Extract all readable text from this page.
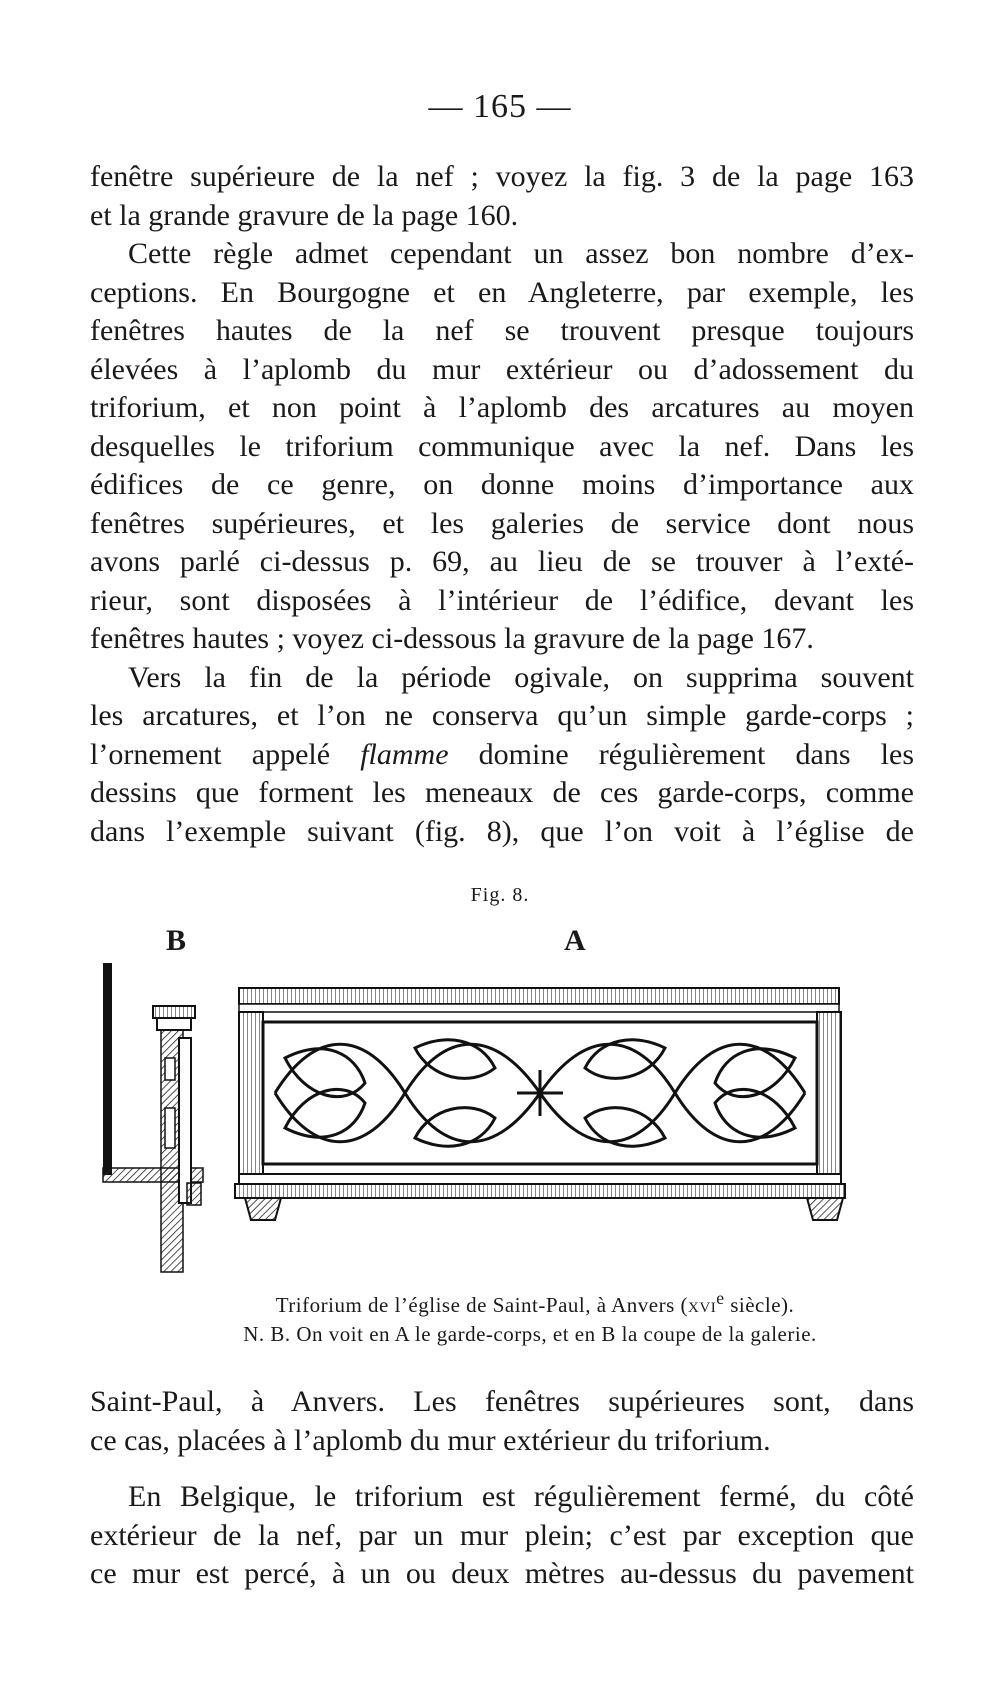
— 165 —
fenêtre supérieure de la nef ; voyez la fig. 3 de la page 163
et la grande gravure de la page 160.
Cette règle admet cependant un assez bon nombre d’ex-
ceptions. En Bourgogne et en Angleterre, par exemple, les
fenêtres hautes de la nef se trouvent presque toujours
élevées à l’aplomb du mur extérieur ou d’adossement du
triforium, et non point à l’aplomb des arcatures au moyen
desquelles le triforium communique avec la nef. Dans les
édifices de ce genre, on donne moins d’importance aux
fenêtres supérieures, et les galeries de service dont nous
avons parlé ci-dessus p. 69, au lieu de se trouver à l’exté-
rieur, sont disposées à l’intérieur de l’édifice, devant les
fenêtres hautes ; voyez ci-dessous la gravure de la page 167.
Vers la fin de la période ogivale, on supprima souvent
les arcatures, et l’on ne conserva qu’un simple garde-corps ;
l’ornement appelé flamme domine régulièrement dans les
dessins que forment les meneaux de ces garde-corps, comme
dans l’exemple suivant (fig. 8), que l’on voit à l’église de
Fig. 8.
B	A
Triforium de l’église de Saint-Paul, à Anvers (xvi$^e$ siècle).
N. B. On voit en A le garde-corps, et en B la coupe de la galerie.
Saint-Paul, à Anvers. Les fenêtres supérieures sont, dans
ce cas, placées à l’aplomb du mur extérieur du triforium.
En Belgique, le triforium est régulièrement fermé, du côté
extérieur de la nef, par un mur plein; c’est par exception que
ce mur est percé, à un ou deux mètres au-dessus du pavement
